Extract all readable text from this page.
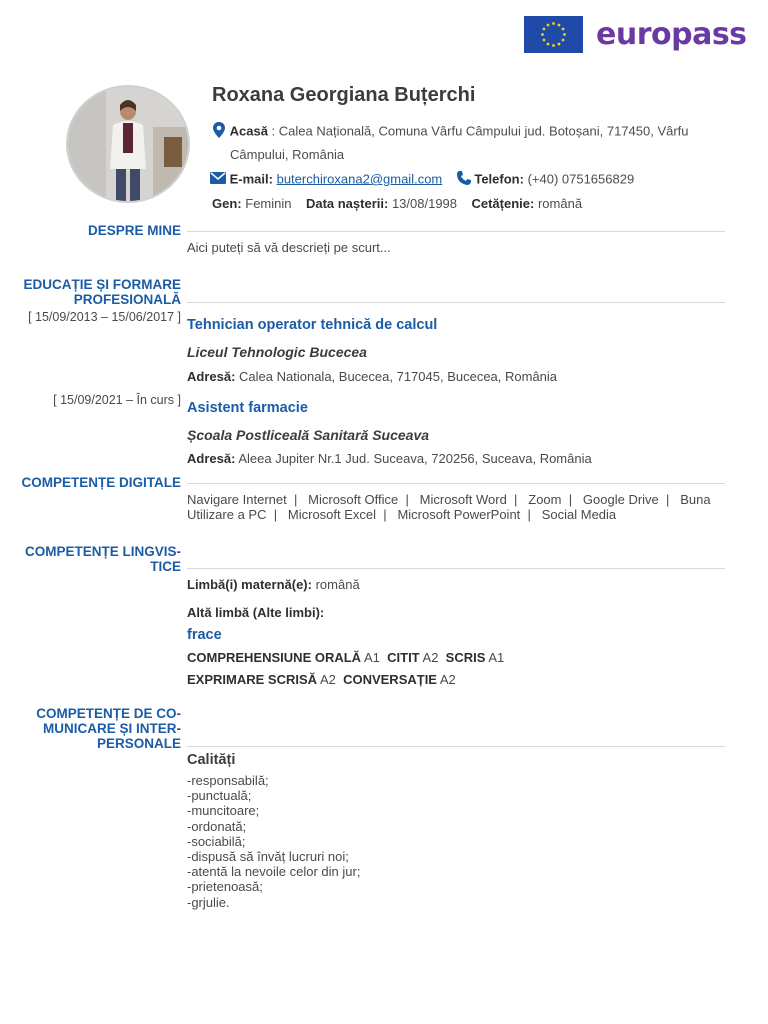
europass
Roxana Georgiana Buțerchi
Acasă : Calea Națională, Comuna Vârfu Câmpului jud. Botoșani, 717450, Vârfu
Câmpului, România
E-mail: buterchiroxana2@gmail.com Telefon: (+40) 0751656829
Gen: Feminin Data nașterii: 13/08/1998 Cetățenie: română
DESPRE MINE
Aici puteți să vă descrieți pe scurt...
EDUCAȚIE ȘI FORMARE
PROFESIONALĂ
[ 15/09/2013 – 15/06/2017 ] Tehnician operator tehnică de calcul
Liceul Tehnologic Bucecea
Adresă: Calea Nationala, Bucecea, 717045, Bucecea, România
[ 15/09/2021 – În curs ] Asistent farmacie
Școala Postliceală Sanitară Suceava
Adresă: Aleea Jupiter Nr.1 Jud. Suceava, 720256, Suceava, România
COMPETENȚE DIGITALE
Navigare Internet  |   Microsoft Office  |   Microsoft Word  |   Zoom  |   Google Drive  |   Buna
Utilizare a PC  |   Microsoft Excel  |   Microsoft PowerPoint  |   Social Media
COMPETENȚE LINGVIS-
TICE
Limbă(i) maternă(e): română
Altă limbă (Alte limbi):
frace
COMPREHENSIUNE ORALĂ A1 CITIT A2 SCRIS A1
EXPRIMARE SCRISĂ A2 CONVERSAȚIE A2
COMPETENȚE DE CO-
MUNICARE ȘI INTER-
PERSONALE
Calități
-responsabilă;
-punctuală;
-muncitoare;
-ordonată;
-sociabilă;
-dispusă să învăț lucruri noi;
-atentă la nevoile celor din jur;
-prietenoasă;
-grjulie.
